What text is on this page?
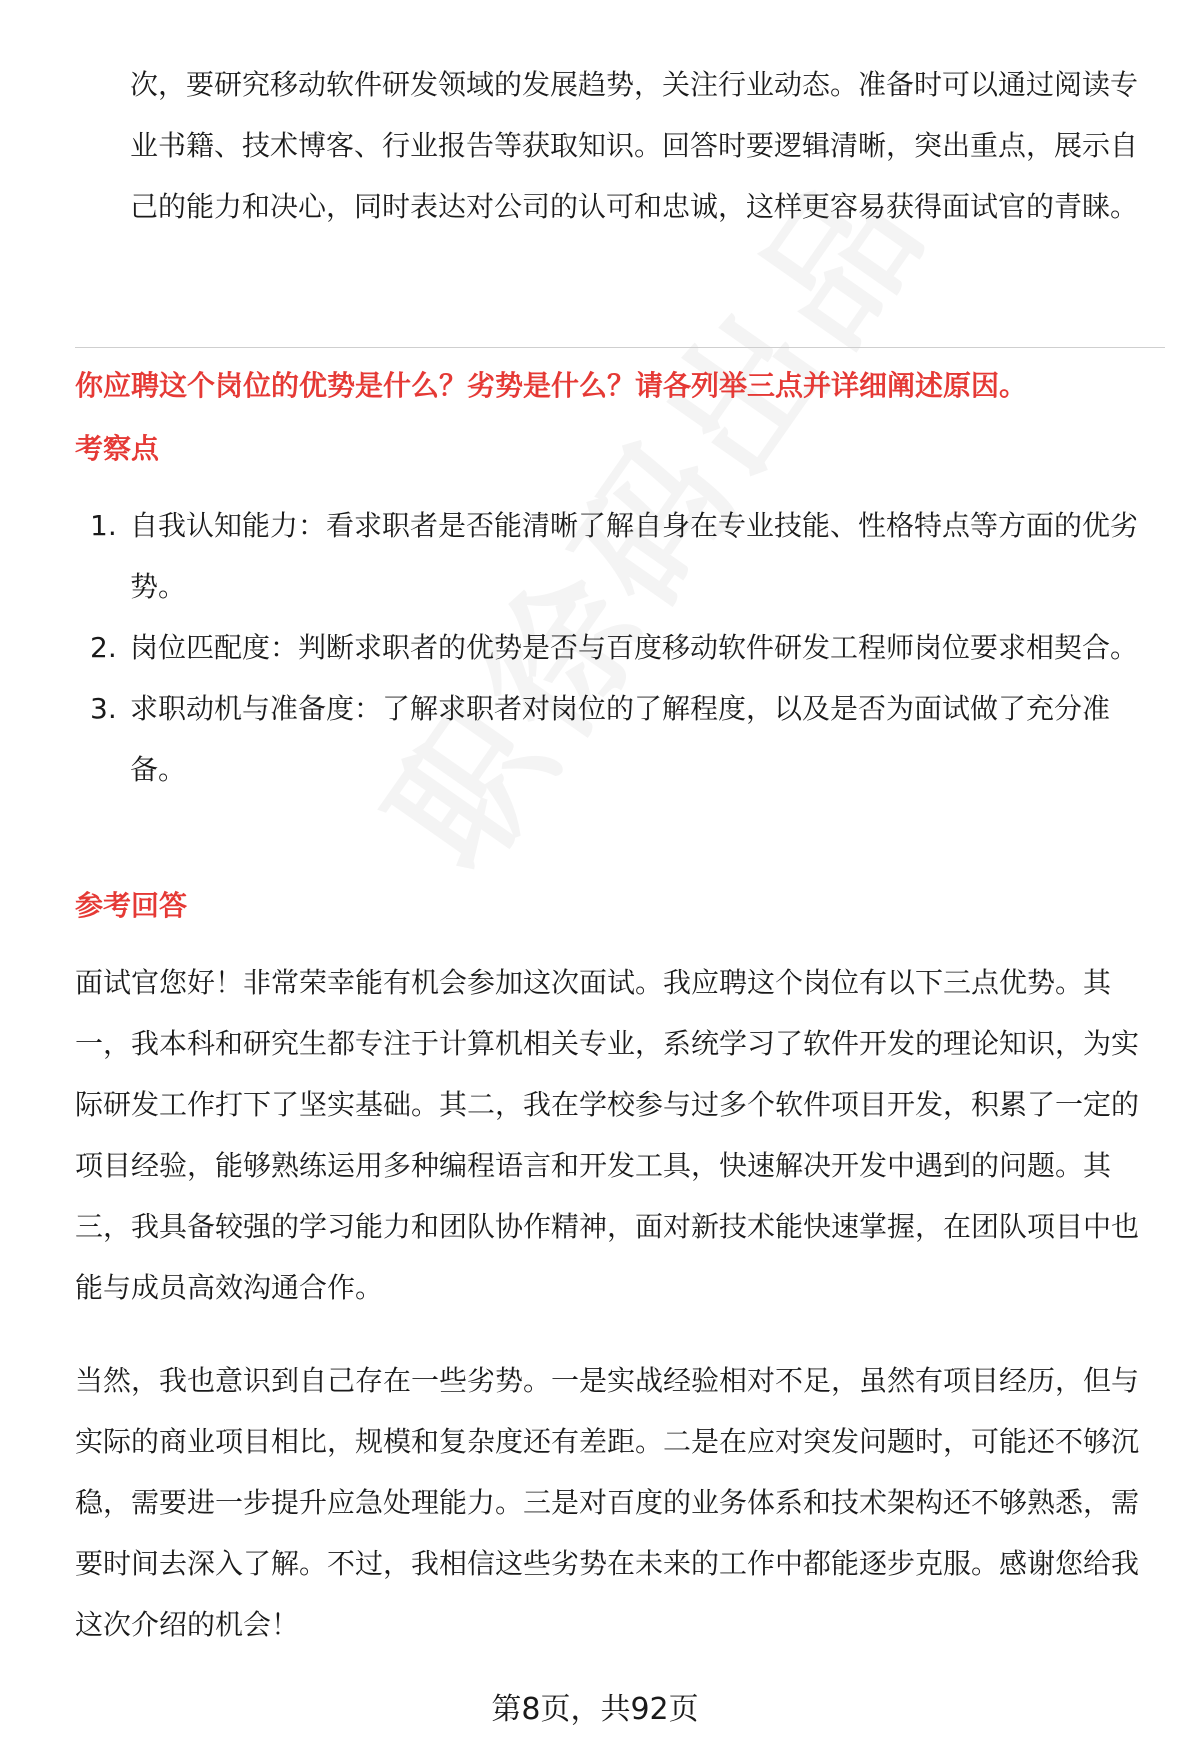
次，要研究移动软件研发领域的发展趋势，关注行业动态。准备时可以通过阅读专业书籍、技术博客、行业报告等获取知识。回答时要逻辑清晰，突出重点，展示自己的能力和决心，同时表达对公司的认可和忠诚，这样更容易获得面试官的青睐。

你应聘这个岗位的优势是什么？劣势是什么？请各列举三点并详细阐述原因。

考察点

1. 自我认知能力：看求职者是否能清晰了解自身在专业技能、性格特点等方面的优劣势。
2. 岗位匹配度：判断求职者的优势是否与百度移动软件研发工程师岗位要求相契合。
3. 求职动机与准备度：了解求职者对岗位的了解程度，以及是否为面试做了充分准备。

参考回答

面试官您好！非常荣幸能有机会参加这次面试。我应聘这个岗位有以下三点优势。其一，我本科和研究生都专注于计算机相关专业，系统学习了软件开发的理论知识，为实际研发工作打下了坚实基础。其二，我在学校参与过多个软件项目开发，积累了一定的项目经验，能够熟练运用多种编程语言和开发工具，快速解决开发中遇到的问题。其三，我具备较强的学习能力和团队协作精神，面对新技术能快速掌握，在团队项目中也能与成员高效沟通合作。

当然，我也意识到自己存在一些劣势。一是实战经验相对不足，虽然有项目经历，但与实际的商业项目相比，规模和复杂度还有差距。二是在应对突发问题时，可能还不够沉稳，需要进一步提升应急处理能力。三是对百度的业务体系和技术架构还不够熟悉，需要时间去深入了解。不过，我相信这些劣势在未来的工作中都能逐步克服。感谢您给我这次介绍的机会！

第8页，共92页
